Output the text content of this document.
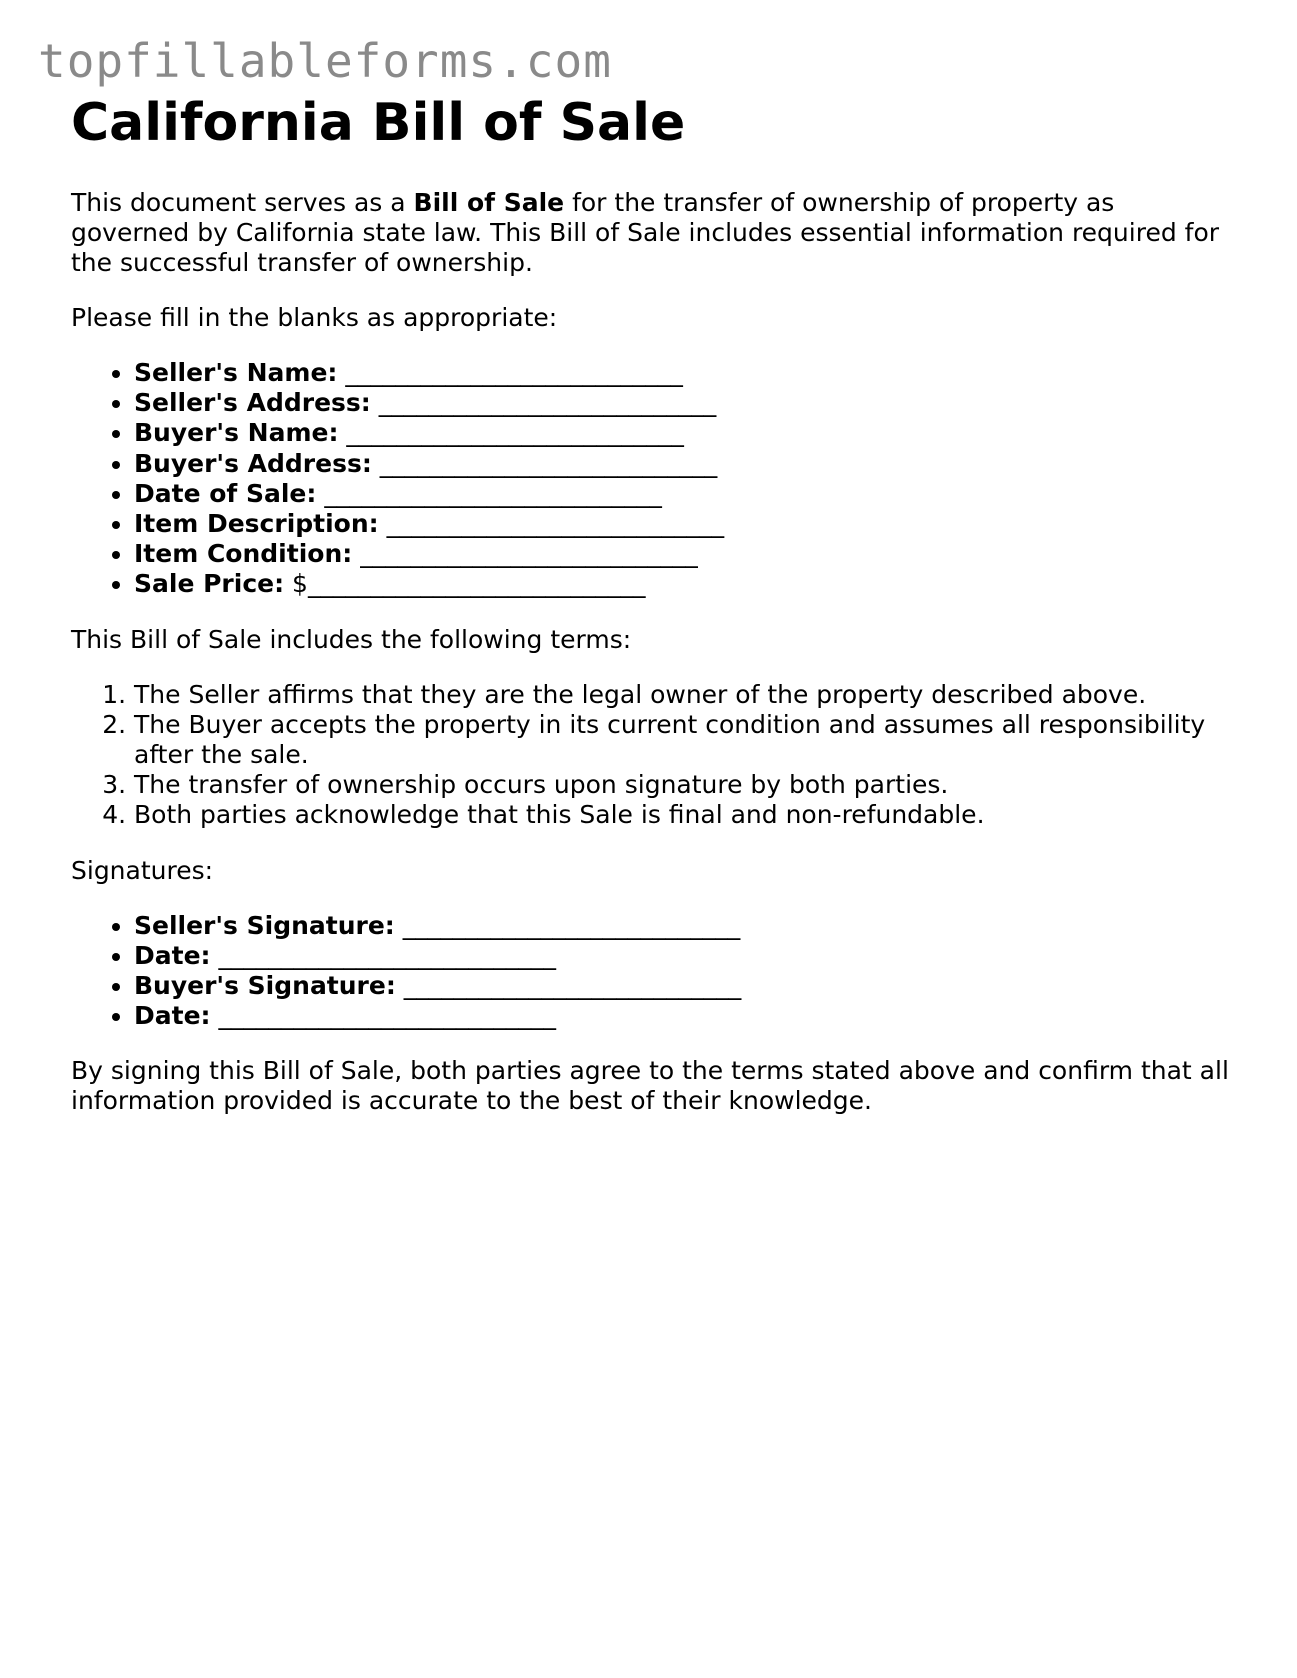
topfillableforms.com
California Bill of Sale

This document serves as a Bill of Sale for the transfer of ownership of property as governed by California state law. This Bill of Sale includes essential information required for the successful transfer of ownership.

Please fill in the blanks as appropriate:

• Seller's Name: ___________________________
• Seller's Address: ___________________________
• Buyer's Name: ___________________________
• Buyer's Address: ___________________________
• Date of Sale: ___________________________
• Item Description: ___________________________
• Item Condition: ___________________________
• Sale Price: $___________________________

This Bill of Sale includes the following terms:

1. The Seller affirms that they are the legal owner of the property described above.
2. The Buyer accepts the property in its current condition and assumes all responsibility after the sale.
3. The transfer of ownership occurs upon signature by both parties.
4. Both parties acknowledge that this Sale is final and non-refundable.

Signatures:

• Seller's Signature: ___________________________
• Date: ___________________________
• Buyer's Signature: ___________________________
• Date: ___________________________

By signing this Bill of Sale, both parties agree to the terms stated above and confirm that all information provided is accurate to the best of their knowledge.
